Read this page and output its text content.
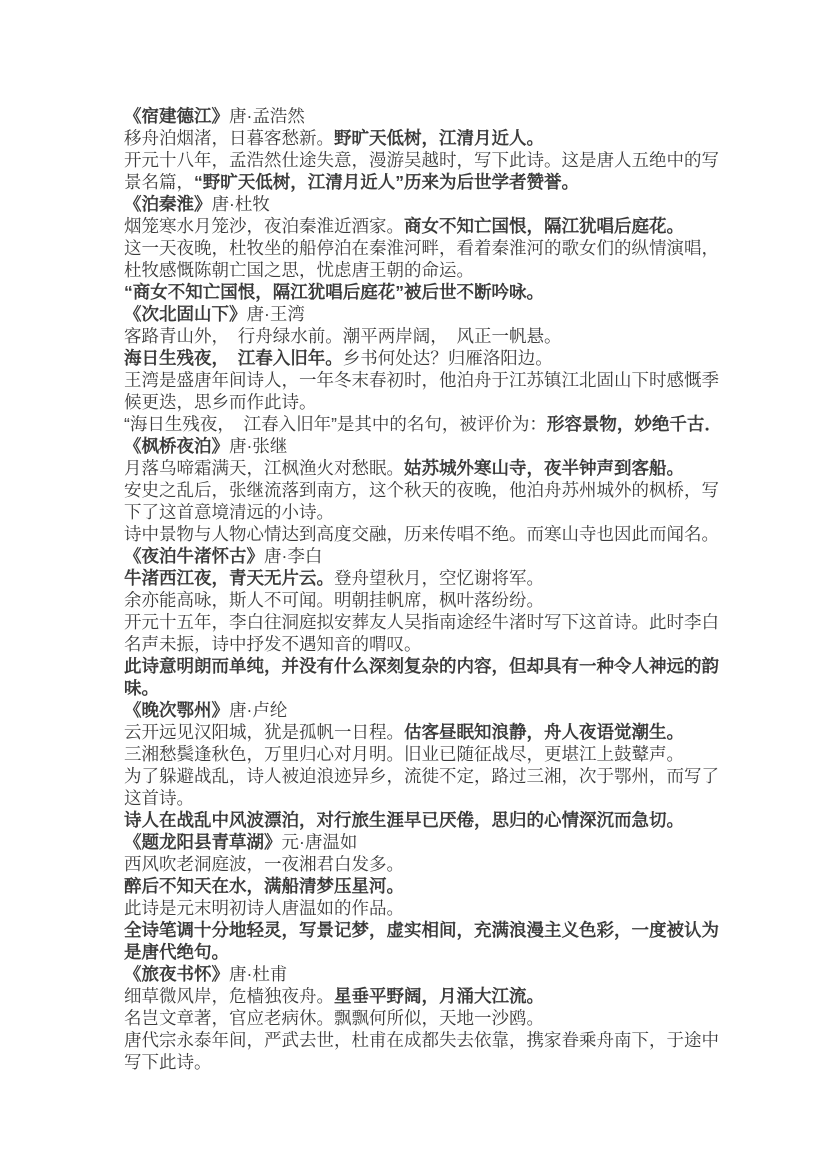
《宿建德江》唐·孟浩然
移舟泊烟渚，日暮客愁新。野旷天低树，江清月近人。
开元十八年，孟浩然仕途失意，漫游吴越时，写下此诗。这是唐人五绝中的写
景名篇，“野旷天低树，江清月近人”历来为后世学者赞誉。
《泊秦淮》唐·杜牧
烟笼寒水月笼沙，夜泊秦淮近酒家。商女不知亡国恨，隔江犹唱后庭花。
这一天夜晚，杜牧坐的船停泊在秦淮河畔，看着秦淮河的歌女们的纵情演唱，
杜牧感慨陈朝亡国之思，忧虑唐王朝的命运。
“商女不知亡国恨，隔江犹唱后庭花”被后世不断吟咏。
《次北固山下》唐·王湾
客路青山外，　行舟绿水前。潮平两岸阔，　风正一帆悬。
海日生残夜，　江春入旧年。乡书何处达？归雁洛阳边。
王湾是盛唐年间诗人，一年冬末春初时，他泊舟于江苏镇江北固山下时感慨季
候更迭，思乡而作此诗。
“海日生残夜，　江春入旧年”是其中的名句，被评价为：形容景物，妙绝千古．
《枫桥夜泊》唐·张继
月落乌啼霜满天，江枫渔火对愁眠。姑苏城外寒山寺，夜半钟声到客船。
安史之乱后，张继流落到南方，这个秋天的夜晚，他泊舟苏州城外的枫桥，写
下了这首意境清远的小诗。
诗中景物与人物心情达到高度交融，历来传唱不绝。而寒山寺也因此而闻名。
《夜泊牛渚怀古》唐·李白
牛渚西江夜，青天无片云。登舟望秋月，空忆谢将军。
余亦能高咏，斯人不可闻。明朝挂帆席，枫叶落纷纷。
开元十五年，李白往洞庭拟安葬友人吴指南途经牛渚时写下这首诗。此时李白
名声未振，诗中抒发不遇知音的喟叹。
此诗意明朗而单纯，并没有什么深刻复杂的内容，但却具有一种令人神远的韵
味。
《晚次鄂州》唐·卢纶
云开远见汉阳城，犹是孤帆一日程。估客昼眠知浪静，舟人夜语觉潮生。
三湘愁鬓逢秋色，万里归心对月明。旧业已随征战尽，更堪江上鼓鼙声。
为了躲避战乱，诗人被迫浪迹异乡，流徙不定，路过三湘，次于鄂州，而写了
这首诗。
诗人在战乱中风波漂泊，对行旅生涯早已厌倦，思归的心情深沉而急切。
《题龙阳县青草湖》元·唐温如
西风吹老洞庭波，一夜湘君白发多。
醉后不知天在水，满船清梦压星河。
此诗是元末明初诗人唐温如的作品。
全诗笔调十分地轻灵，写景记梦，虚实相间，充满浪漫主义色彩，一度被认为
是唐代绝句。
《旅夜书怀》唐·杜甫
细草微风岸，危樯独夜舟。星垂平野阔，月涌大江流。
名岂文章著，官应老病休。飘飘何所似，天地一沙鸥。
唐代宗永泰年间，严武去世，杜甫在成都失去依靠，携家眷乘舟南下，于途中
写下此诗。
